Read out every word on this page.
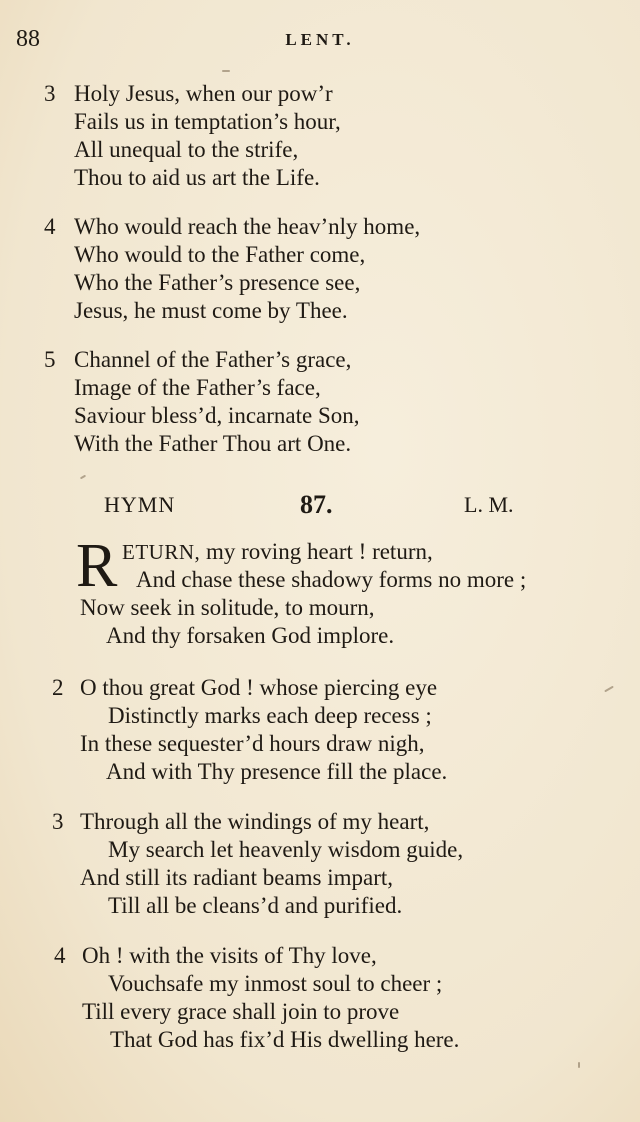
88	LENT.
3 Holy Jesus, when our pow’r
Fails us in temptation’s hour,
All unequal to the strife,
Thou to aid us art the Life.
4 Who would reach the heav’nly home,
Who would to the Father come,
Who the Father’s presence see,
Jesus, he must come by Thee.
5 Channel of the Father’s grace,
Image of the Father’s face,
Saviour bless’d, incarnate Son,
With the Father Thou art One.
HYMN	87.	L. M.
R ETURN, my roving heart ! return,
And chase these shadowy forms no more ;
Now seek in solitude, to mourn,
And thy forsaken God implore.
2 O thou great God ! whose piercing eye
Distinctly marks each deep recess ;
In these sequester’d hours draw nigh,
And with Thy presence fill the place.
3 Through all the windings of my heart,
My search let heavenly wisdom guide,
And still its radiant beams impart,
Till all be cleans’d and purified.
4 Oh ! with the visits of Thy love,
Vouchsafe my inmost soul to cheer ;
Till every grace shall join to prove
That God has fix’d His dwelling here.
